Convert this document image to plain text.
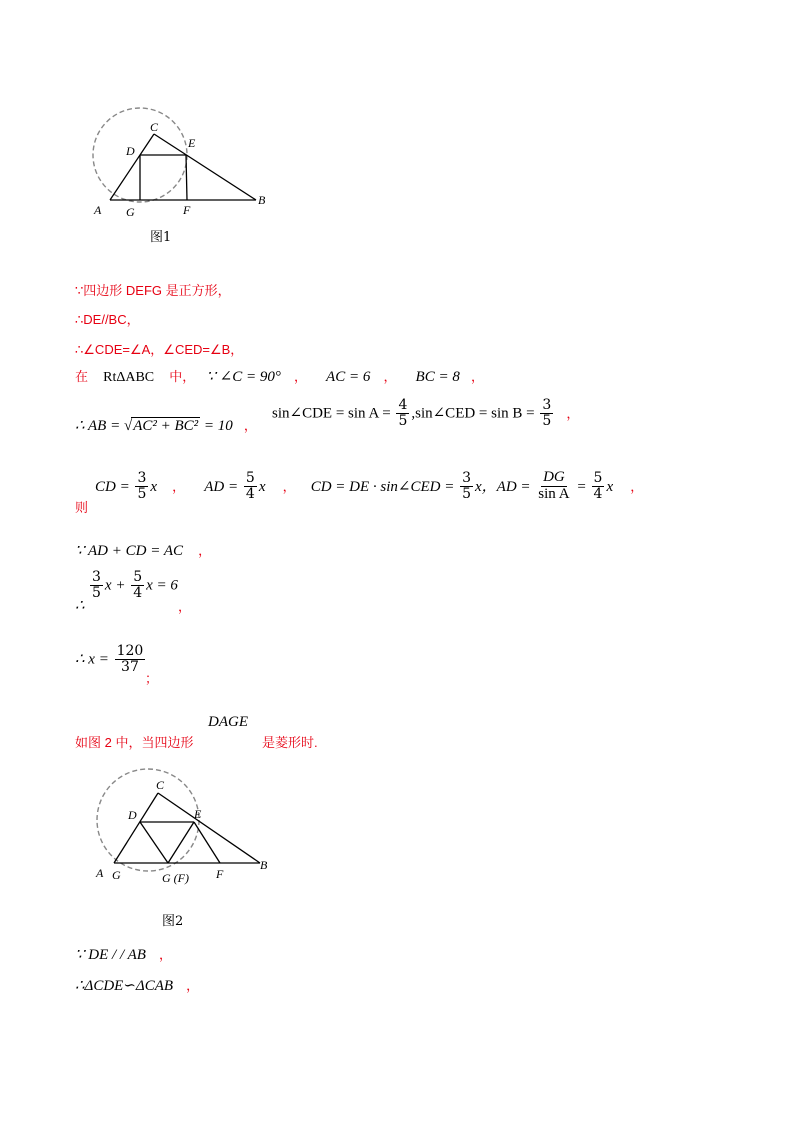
A G	F
B
D
C
E
图1
∵四边形 DEFG 是正方形，
∴DE//BC，
∴∠CDE=∠A，∠CED=∠B，
在 RtΔABC 中， ∵ ∠C = 90° ， AC = 6 ， BC = 8 ，
∴ AB = √AC² + BC² = 10 ，
sin∠CDE = $\sin A = \frac{4}{5}$ ,sin∠CED = $\sin B = \frac{3}{5}$ ，
则
CD = $\frac{3}{5}$ x ， AD = $\frac{5}{4}$ x ， CD = DE · sin∠CED = $\frac{3}{5}$ x，AD = $\frac{DG}{\text{sin A}} = \frac{5}{4}$ x ，
∵ AD + CD = AC ，
∴
$\frac{3}{5}$ $x + \frac{5}{4}$ x = 6
，
∴ $x = \frac{120}{37}$
；
如图 2 中，当四边形
DAGE
是菱形时.
A G	G (F) F
B
D
C
E
图2
∵ DE / / AB ，
∴ΔCDE∽ΔCAB ，
